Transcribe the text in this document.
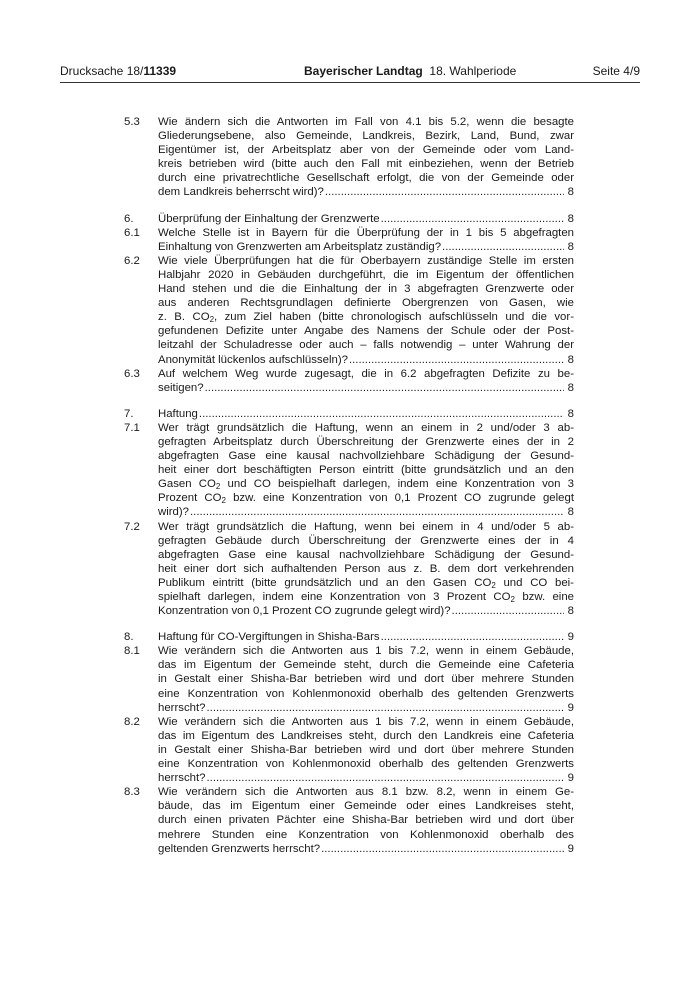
Drucksache 18/11339	Bayerischer Landtag 18. Wahlperiode	Seite 4/9
5.3 Wie ändern sich die Antworten im Fall von 4.1 bis 5.2, wenn die besagte
Gliederungsebene, also Gemeinde, Landkreis, Bezirk, Land, Bund, zwar
Eigentümer ist, der Arbeitsplatz aber von der Gemeinde oder vom Land-
kreis betrieben wird (bitte auch den Fall mit einbeziehen, wenn der Betrieb
durch eine privatrechtliche Gesellschaft erfolgt, die von der Gemeinde oder
dem Landkreis beherrscht wird)? .....	8
6. Überprüfung der Einhaltung der Grenzwerte .....	8
6.1 Welche Stelle ist in Bayern für die Überprüfung der in 1 bis 5 abgefragten
Einhaltung von Grenzwerten am Arbeitsplatz zuständig? .....	8
6.2 Wie viele Überprüfungen hat die für Oberbayern zuständige Stelle im ersten
Halbjahr 2020 in Gebäuden durchgeführt, die im Eigentum der öffentlichen
Hand stehen und die die Einhaltung der in 3 abgefragten Grenzwerte oder
aus anderen Rechtsgrundlagen definierte Obergrenzen von Gasen, wie
z. B. $CO_2$, zum Ziel haben (bitte chronologisch aufschlüsseln und die vor-
gefundenen Defizite unter Angabe des Namens der Schule oder der Post-
leitzahl der Schuladresse oder auch – falls notwendig – unter Wahrung der
Anonymität lückenlos aufschlüsseln)? .....	8
6.3 Auf welchem Weg wurde zugesagt, die in 6.2 abgefragten Defizite zu be-
seitigen? .....	8
7. Haftung .....	8
7.1 Wer trägt grundsätzlich die Haftung, wenn an einem in 2 und/oder 3 ab-
gefragten Arbeitsplatz durch Überschreitung der Grenzwerte eines der in 2
abgefragten Gase eine kausal nachvollziehbare Schädigung der Gesund-
heit einer dort beschäftigten Person eintritt (bitte grundsätzlich und an den
Gasen $CO_2$ und CO beispielhaft darlegen, indem eine Konzentration von 3
Prozent $CO_2$ bzw. eine Konzentration von 0,1 Prozent CO zugrunde gelegt
wird)? .....	8
7.2 Wer trägt grundsätzlich die Haftung, wenn bei einem in 4 und/oder 5 ab-
gefragten Gebäude durch Überschreitung der Grenzwerte eines der in 4
abgefragten Gase eine kausal nachvollziehbare Schädigung der Gesund-
heit einer dort sich aufhaltenden Person aus z. B. dem dort verkehrenden
Publikum eintritt (bitte grundsätzlich und an den Gasen $CO_2$ und CO bei-
spielhaft darlegen, indem eine Konzentration von 3 Prozent $CO_2$ bzw. eine
Konzentration von 0,1 Prozent CO zugrunde gelegt wird)? .....	8
8. Haftung für CO-Vergiftungen in Shisha-Bars .....	9
8.1 Wie verändern sich die Antworten aus 1 bis 7.2, wenn in einem Gebäude,
das im Eigentum der Gemeinde steht, durch die Gemeinde eine Cafeteria
in Gestalt einer Shisha-Bar betrieben wird und dort über mehrere Stunden
eine Konzentration von Kohlenmonoxid oberhalb des geltenden Grenzwerts
herrscht? .....	9
8.2 Wie verändern sich die Antworten aus 1 bis 7.2, wenn in einem Gebäude,
das im Eigentum des Landkreises steht, durch den Landkreis eine Cafeteria
in Gestalt einer Shisha-Bar betrieben wird und dort über mehrere Stunden
eine Konzentration von Kohlenmonoxid oberhalb des geltenden Grenzwerts
herrscht? .....	9
8.3 Wie verändern sich die Antworten aus 8.1 bzw. 8.2, wenn in einem Ge-
bäude, das im Eigentum einer Gemeinde oder eines Landkreises steht,
durch einen privaten Pächter eine Shisha-Bar betrieben wird und dort über
mehrere Stunden eine Konzentration von Kohlenmonoxid oberhalb des
geltenden Grenzwerts herrscht? .....	9
